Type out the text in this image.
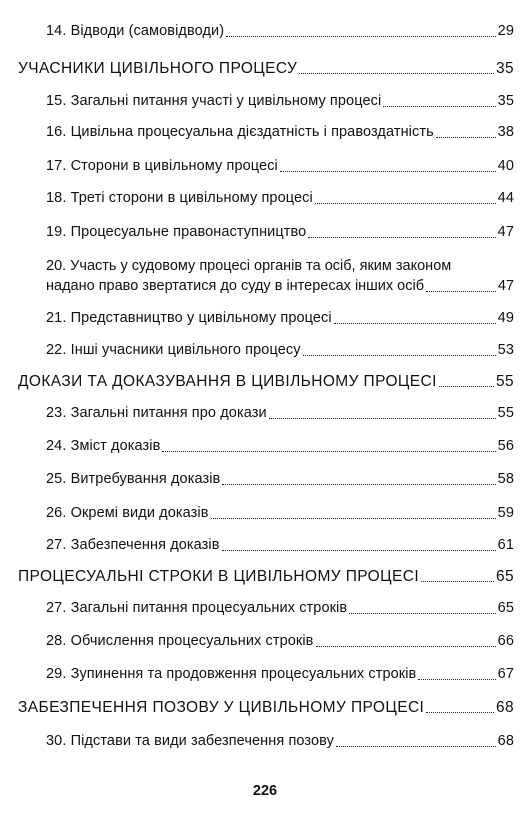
14. Відводи (самовідводи)	29
УЧАСНИКИ ЦИВІЛЬНОГО ПРОЦЕСУ	35
15. Загальні питання участі у цивільному процесі	35
16. Цивільна процесуальна дієздатність і правоздатність	38
17. Сторони в цивільному процесі	40
18. Треті сторони в цивільному процесі	44
19. Процесуальне правонаступництво	47
20. Участь у судовому процесі органів та осіб, яким законом
надано право звертатися до суду в інтересах інших осіб	47
21. Представництво у цивільному процесі	49
22. Інші учасники цивільного процесу	53
ДОКАЗИ ТА ДОКАЗУВАННЯ В ЦИВІЛЬНОМУ ПРОЦЕСІ	55
23. Загальні питання про докази	55
24. Зміст доказів	56
25. Витребування доказів	58
26. Окремі види доказів	59
27. Забезпечення доказів	61
ПРОЦЕСУАЛЬНІ СТРОКИ В ЦИВІЛЬНОМУ ПРОЦЕСІ	65
27. Загальні питання процесуальних строків	65
28. Обчислення процесуальних строків	66
29. Зупинення та продовження процесуальних строків	67
ЗАБЕЗПЕЧЕННЯ ПОЗОВУ У ЦИВІЛЬНОМУ ПРОЦЕСІ	68
30. Підстави та види забезпечення позову	68
226
